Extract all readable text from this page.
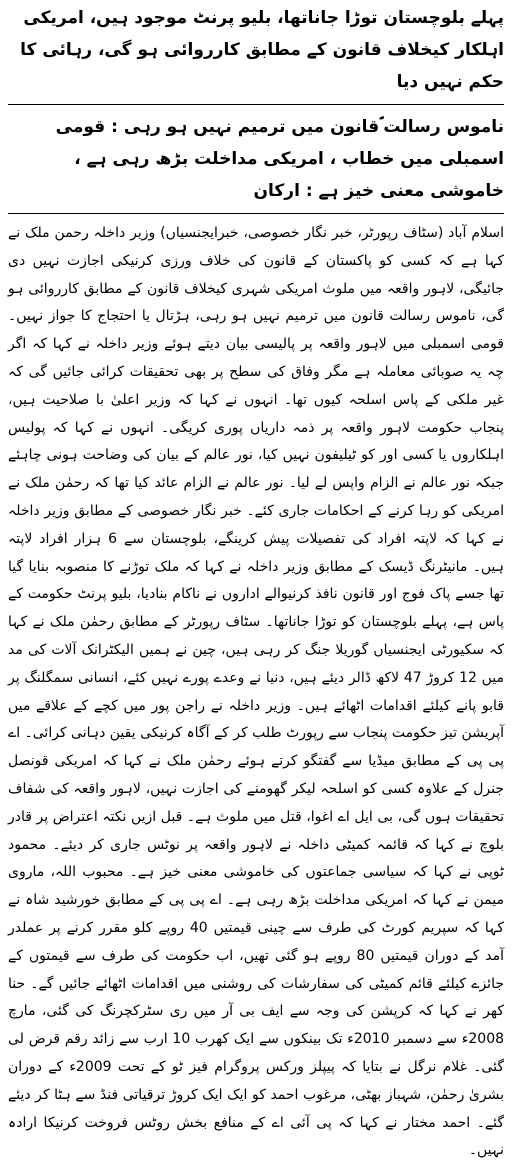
پہلے بلوچستان توڑا جاناتھا، بلیو پرنٹ موجود ہیں، امریکی اہلکار کیخلاف قانون کے مطابق کارروائی ہو گی، رہائی کا حکم نہیں دیا
ناموس رسالت ؐقانون میں ترمیم نہیں ہو رہی : قومی اسمبلی میں خطاب ، امریکی مداخلت بڑھ رہی ہے ، خاموشی معنی خیز ہے : ارکان

اسلام آباد (سٹاف رپورٹر، خبر نگار خصوصی، خبرایجنسیاں) وزیر داخلہ رحمن ملک نے کہا ہے کہ کسی کو پاکستان کے قانون کی خلاف ورزی کرنیکی اجازت نہیں دی جائیگی، لاہور واقعہ میں ملوث امریکی شہری کیخلاف قانون کے مطابق کارروائی ہو گی، ناموس رسالت قانون میں ترمیم نہیں ہو رہی، ہڑتال یا احتجاج کا جواز نہیں۔ قومی اسمبلی میں لاہور واقعہ پر پالیسی بیان دیتے ہوئے وزیر داخلہ نے کہا کہ اگر چہ یہ صوبائی معاملہ ہے مگر وفاق کی سطح پر بھی تحقیقات کرائی جائیں گی کہ غیر ملکی کے پاس اسلحہ کیوں تھا۔ انہوں نے کہا کہ وزیر اعلیٰ با صلاحیت ہیں، پنجاب حکومت لاہور واقعہ پر ذمہ داریاں پوری کریگی۔ انہوں نے کہا کہ پولیس اہلکاروں یا کسی اور کو ٹیلیفون نہیں کیا، نور عالم کے بیان کی وضاحت ہونی چاہئے جبکہ نور عالم نے الزام واپس لے لیا۔ نور عالم نے الزام عائد کیا تھا کہ رحمٰن ملک نے امریکی کو رہا کرنے کے احکامات جاری کئے۔ خبر نگار خصوصی کے مطابق وزیر داخلہ نے کہا کہ لاپتہ افراد کی تفصیلات پیش کرینگے، بلوچستان سے 6 ہزار افراد لاپتہ ہیں۔ مانیٹرنگ ڈیسک کے مطابق وزیر داخلہ نے کہا کہ ملک توڑنے کا منصوبہ بنایا گیا تھا جسے پاک فوج اور قانون نافذ کرنیوالے اداروں نے ناکام بنادیا، بلیو پرنٹ حکومت کے پاس ہے، پہلے بلوچستان کو توڑا جاناتھا۔ سٹاف رپورٹر کے مطابق رحمٰن ملک نے کہا کہ سکیورٹی ایجنسیاں گوریلا جنگ کر رہی ہیں، چین نے ہمیں الیکٹرانک آلات کی مد میں 12 کروڑ 47 لاکھ ڈالر دیئے ہیں، دنیا نے وعدے پورے نہیں کئے، انسانی سمگلنگ پر قابو پانے کیلئے اقدامات اٹھائے ہیں۔ وزیر داخلہ نے راجن پور میں کچے کے علاقے میں آپریشن تیز حکومت پنجاب سے رپورٹ طلب کر کے آگاہ کرنیکی یقین دہانی کرائی۔ اے پی پی کے مطابق میڈیا سے گفتگو کرتے ہوئے رحمٰن ملک نے کہا کہ امریکی قونصل جنرل کے علاوہ کسی کو اسلحہ لیکر گھومنے کی اجازت نہیں، لاہور واقعہ کی شفاف تحقیقات ہوں گی، بی ایل اے اغوا، قتل میں ملوث ہے۔ قبل ازیں نکتہ اعتراض پر قادر بلوچ نے کہا کہ قائمہ کمیٹی داخلہ نے لاہور واقعہ پر نوٹس جاری کر دیئے۔ محمود ٹوپی نے کہا کہ سیاسی جماعتوں کی خاموشی معنی خیز ہے۔ محبوب اللہ، ماروی میمن نے کہا کہ امریکی مداخلت بڑھ رہی ہے۔ اے پی پی کے مطابق خورشید شاہ نے کہا کہ سپریم کورٹ کی طرف سے چینی قیمتیں 40 روپے کلو مقرر کرنے پر عملدر آمد کے دوران قیمتیں 80 روپے ہو گئی تھیں، اب حکومت کی طرف سے قیمتوں کے جائزے کیلئے قائم کمیٹی کی سفارشات کی روشنی میں اقدامات اٹھائے جائیں گے۔ حنا کھر نے کہا کہ کرپشن کی وجہ سے ایف بی آر میں ری سٹرکچرنگ کی گئی، مارچ 2008ء سے دسمبر 2010ء تک بینکوں سے ایک کھرب 10 ارب سے زائد رقم قرض لی گئی۔ غلام نرگل نے بتایا کہ پیپلز ورکس پروگرام فیز ٹو کے تحت 2009ء کے دوران بشریٰ رحمٰن، شہباز بھٹی، مرغوب احمد کو ایک ایک کروڑ ترقیاتی فنڈ سے ہٹا کر دیئے گئے۔ احمد مختار نے کہا کہ پی آئی اے کے منافع بخش روٹس فروخت کرنیکا ارادہ نہیں۔
